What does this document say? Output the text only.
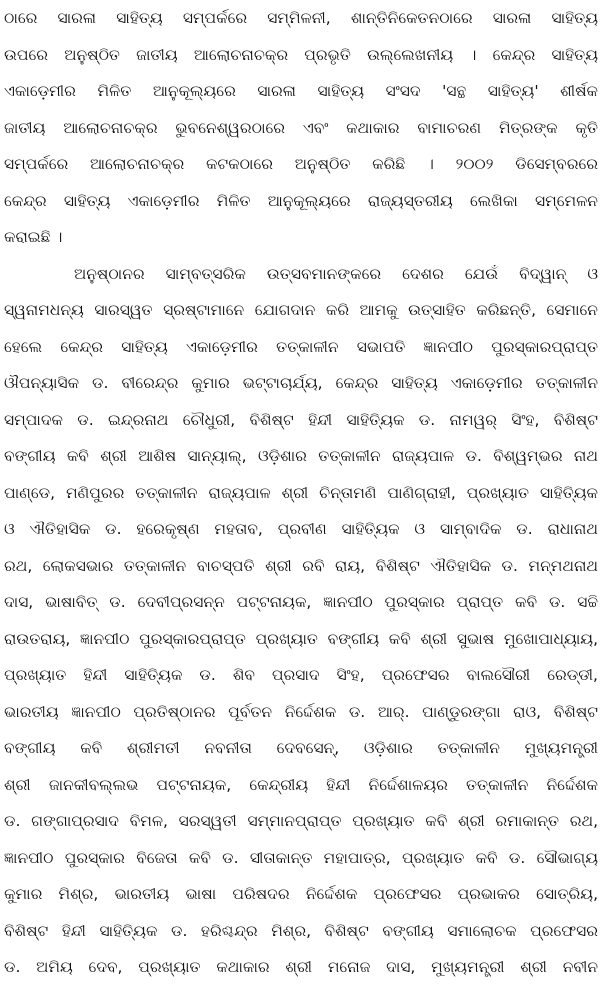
ଠାରେ ସାରଳା ସାହିତ୍ୟ ସମ୍ପର୍କରେ ସମ୍ମିଳନୀ, ଶାନ୍ତିନିକେତନଠାରେ ସାରଳା ସାହିତ୍ୟ
ଉପରେ ଅନୁଷ୍ଠିତ ଜାତୀୟ ଆଲୋଚନାଚକ୍ର ପ୍ରଭୃତି ଉଲ୍ଲେଖନୀୟ । କେନ୍ଦ୍ର ସାହିତ୍ୟ
ଏକାଡ଼େମୀର ମିଳିତ ଆନୁକୂଲ୍ୟରେ ସାରଳା ସାହିତ୍ୟ ସଂସଦ 'ସନ୍ଥ ସାହିତ୍ୟ' ଶୀର୍ଷକ
ଜାତୀୟ ଆଲୋଚନାଚକ୍ର ଭୁବନେଶ୍ୱରଠାରେ ଏବଂ କଥାକାର ବାମାଚରଣ ମିତ୍ରଙ୍କ କୃତି
ସମ୍ପର୍କରେ ଆଲୋଚନାଚକ୍ର କଟକଠାରେ ଅନୁଷ୍ଠିତ କରିଛି । ୨୦୦୨ ଡିସେମ୍ବରରେ
କେନ୍ଦ୍ର ସାହିତ୍ୟ ଏକାଡ଼େମୀର ମିଳିତ ଆନୁକୂଲ୍ୟରେ ରାଜ୍ୟସ୍ତରୀୟ ଲେଖିକା ସମ୍ମେଳନ
କରାଇଛି ।
ଅନୁଷ୍ଠାନର ସାମ୍ବତ୍ସରିକ ଉତ୍ସବମାନଙ୍କରେ ଦେଶର ଯେଉଁ ବିଦ୍ୱାନ୍ ଓ
ସ୍ୱନାମଧନ୍ୟ ସାରସ୍ୱତ ସ୍ରଷ୍ଟାମାନେ ଯୋଗଦାନ କରି ଆମକୁ ଉତ୍ସାହିତ କରିଛନ୍ତି, ସେମାନେ
ହେଲେ କେନ୍ଦ୍ର ସାହିତ୍ୟ ଏକାଡ଼େମୀର ତତ୍କାଳୀନ ସଭାପତି ଜ୍ଞାନପୀଠ ପୁରସ୍କାରପ୍ରାପ୍ତ
ଔପନ୍ୟାସିକ ଡ. ବୀରେନ୍ଦ୍ର କୁମାର ଭଟ୍ଟାଚାର୍ଯ୍ୟ, କେନ୍ଦ୍ର ସାହିତ୍ୟ ଏକାଡ଼େମୀର ତତ୍କାଳୀନ
ସମ୍ପାଦକ ଡ. ଇନ୍ଦ୍ରନାଥ ଚୌଧୁରୀ, ବିଶିଷ୍ଟ ହିନ୍ଦୀ ସାହିତ୍ୟିକ ଡ. ନାମୱର୍ ସିଂହ, ବିଶିଷ୍ଟ
ବଙ୍ଗୀୟ କବି ଶ୍ରୀ ଆଶିଷ ସାନ୍ୟାଲ୍, ଓଡ଼ିଶାର ତତ୍କାଳୀନ ରାଜ୍ୟପାଳ ଡ. ବିଶ୍ୱମ୍ଭର ନାଥ
ପାଣ୍ଡେ, ମଣିପୁରର ତତ୍କାଳୀନ ରାଜ୍ୟପାଳ ଶ୍ରୀ ଚିନ୍ତାମଣି ପାଣିଗ୍ରାହୀ, ପ୍ରଖ୍ୟାତ ସାହିତ୍ୟିକ
ଓ ଐତିହାସିକ ଡ. ହରେକୃଷ୍ଣ ମହତାବ, ପ୍ରବୀଣ ସାହିତ୍ୟିକ ଓ ସାମ୍ବାଦିକ ଡ. ରାଧାନାଥ
ରଥ, ଲୋକସଭାର ତତ୍କାଳୀନ ବାଚସ୍ପତି ଶ୍ରୀ ରବି ରାୟ, ବିଶିଷ୍ଟ ଐତିହାସିକ ଡ. ମନ୍ମଥନାଥ
ଦାସ, ଭାଷାବିତ୍ ଡ. ଦେବୀପ୍ରସନ୍ନ ପଟ୍ଟନାୟକ, ଜ୍ଞାନପୀଠ ପୁରସ୍କାର ପ୍ରାପ୍ତ କବି ଡ. ସଚ୍ଚି
ରାଉତରାୟ, ଜ୍ଞାନପୀଠ ପୁରସ୍କାରପ୍ରାପ୍ତ ପ୍ରଖ୍ୟାତ ବଙ୍ଗୀୟ କବି ଶ୍ରୀ ସୁଭାଷ ମୁଖୋପାଧ୍ୟାୟ,
ପ୍ରଖ୍ୟାତ ହିନ୍ଦୀ ସାହିତ୍ୟିକ ଡ. ଶିବ ପ୍ରସାଦ ସିଂହ, ପ୍ରଫେସର ବାଲସୌରୀ ରେଡ୍ଡୀ,
ଭାରତୀୟ ଜ୍ଞାନପୀଠ ପ୍ରତିଷ୍ଠାନର ପୂର୍ବତନ ନିର୍ଦ୍ଦେଶକ ଡ. ଆର୍. ପାଣ୍ଡୁରଙ୍ଗା ରାଓ, ବିଶିଷ୍ଟ
ବଙ୍ଗୀୟ କବି ଶ୍ରୀମତୀ ନବନୀତା ଦେବସେନ୍, ଓଡ଼ିଶାର ତତ୍କାଳୀନ ମୁଖ୍ୟମନ୍ତ୍ରୀ
ଶ୍ରୀ ଜାନକୀବଲ୍ଲଭ ପଟ୍ଟନାୟକ, କେନ୍ଦ୍ରୀୟ ହିନ୍ଦୀ ନିର୍ଦ୍ଦେଶାଳୟର ତତ୍କାଳୀନ ନିର୍ଦ୍ଦେଶକ
ଡ. ଗଙ୍ଗାପ୍ରସାଦ ବିମଳ, ସରସ୍ୱତୀ ସମ୍ମାନପ୍ରାପ୍ତ ପ୍ରଖ୍ୟାତ କବି ଶ୍ରୀ ରମାକାନ୍ତ ରଥ,
ଜ୍ଞାନପୀଠ ପୁରସ୍କାର ବିଜେତା କବି ଡ. ସୀତାକାନ୍ତ ମହାପାତ୍ର, ପ୍ରଖ୍ୟାତ କବି ଡ. ସୌଭାଗ୍ୟ
କୁମାର ମିଶ୍ର, ଭାରତୀୟ ଭାଷା ପରିଷଦର ନିର୍ଦ୍ଦେଶକ ପ୍ରଫେସର ପ୍ରଭାକର ସୋତ୍ରିୟ,
ବିଶିଷ୍ଟ ହିନ୍ଦୀ ସାହିତ୍ୟିକ ଡ. ହରିଶ୍ଚନ୍ଦ୍ର ମିଶ୍ର, ବିଶିଷ୍ଟ ବଙ୍ଗୀୟ ସମାଲୋଚକ ପ୍ରଫେସର
ଡ. ଅମିୟ ଦେବ, ପ୍ରଖ୍ୟାତ କଥାକାର ଶ୍ରୀ ମନୋଜ ଦାସ, ମୁଖ୍ୟମନ୍ତ୍ରୀ ଶ୍ରୀ ନବୀନ
